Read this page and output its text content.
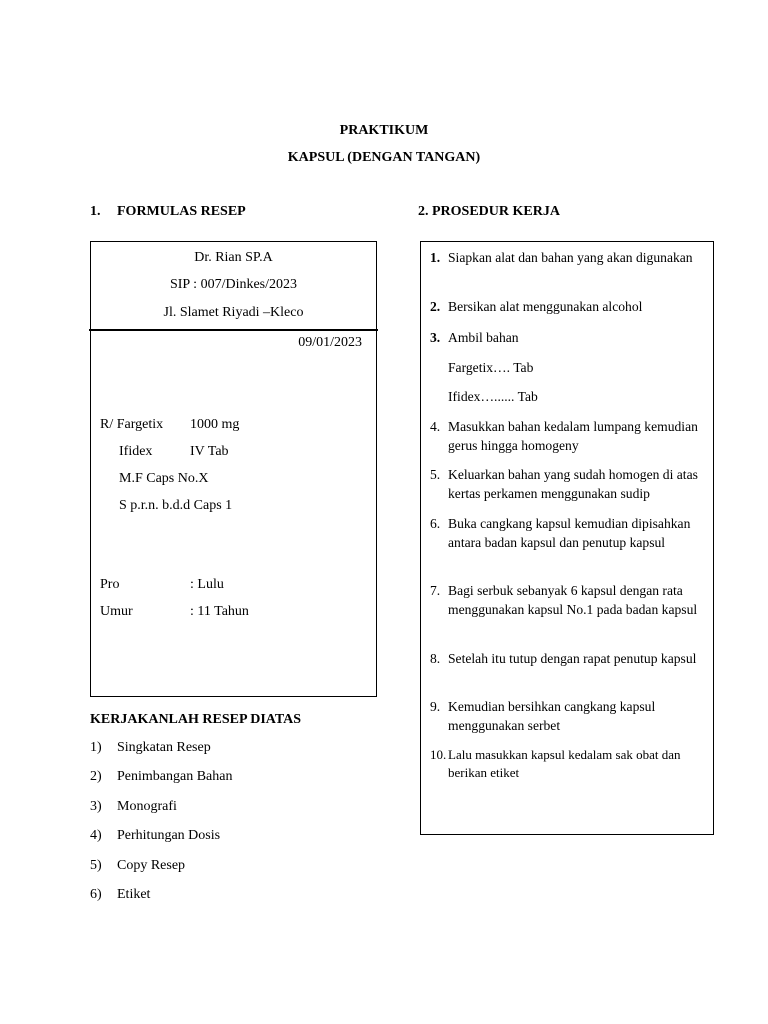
PRAKTIKUM
KAPSUL (DENGAN TANGAN)
1. FORMULAS RESEP	2. PROSEDUR KERJA
Dr. Rian SP.A
SIP : 007/Dinkes/2023
Jl. Slamet Riyadi –Kleco
09/01/2023
R/ Fargetix 1000 mg
Ifidex	IV Tab
M.F Caps No.X
S p.r.n. b.d.d Caps 1
Pro	: Lulu
Umur	: 11 Tahun
KERJAKANLAH RESEP DIATAS
1) Singkatan Resep
2) Penimbangan Bahan
3) Monografi
4) Perhitungan Dosis
5) Copy Resep
6) Etiket
1. Siapkan alat dan bahan yang akan digunakan
2. Bersikan alat menggunakan alcohol
3. Ambil bahan
Fargetix…. Tab
Ifidex…...... Tab
4. Masukkan bahan kedalam lumpang kemudian gerus hingga homogeny
5. Keluarkan bahan yang sudah homogen di atas kertas perkamen menggunakan sudip
6. Buka cangkang kapsul kemudian dipisahkan antara badan kapsul dan penutup kapsul
7. Bagi serbuk sebanyak 6 kapsul dengan rata menggunakan kapsul No.1 pada badan kapsul
8. Setelah itu tutup dengan rapat penutup kapsul
9. Kemudian bersihkan cangkang kapsul menggunakan serbet
10. Lalu masukkan kapsul kedalam sak obat dan berikan etiket
